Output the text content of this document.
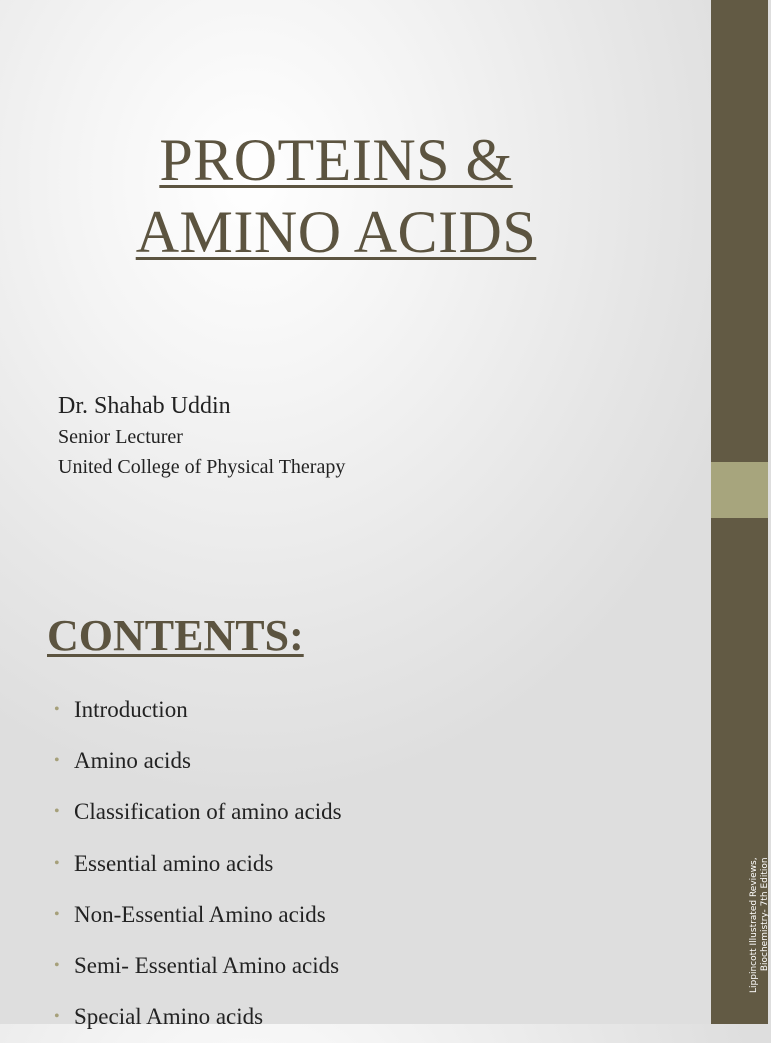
PROTEINS &
AMINO ACIDS

Dr. Shahab Uddin

Senior Lecturer

United College of Physical Therapy

CONTENTS:
• Introduction
• Amino acids
• Classification of amino acids
• Essential amino acids
• Non-Essential Amino acids
• Semi- Essential Amino acids
• Special Amino acids
Lippincott Illustrated Reviews, Biochemistry- 7th Edition
